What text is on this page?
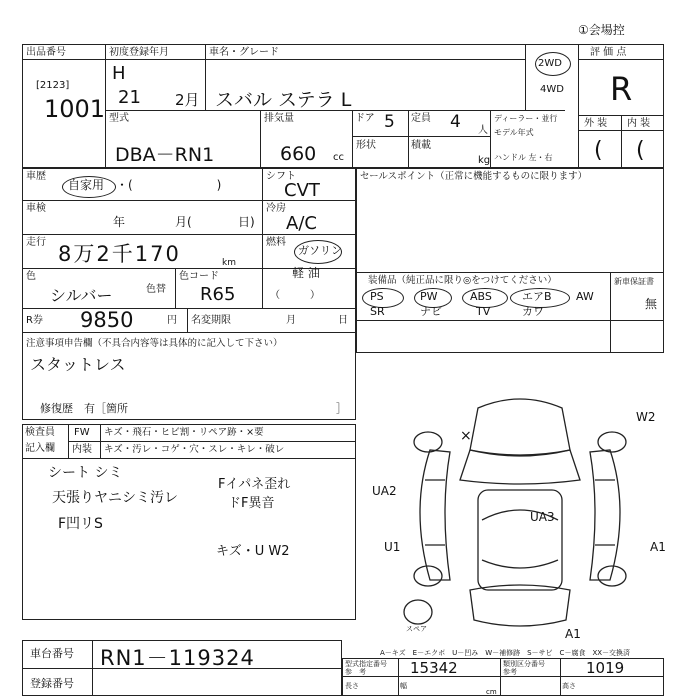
①会場控
出品番号
[2123]
1001
初度登録年月
H
21 2月
車名・グレード
スバル ステラ L
2WD
4WD
評 価 点
R
外 装 内 装
( (
型式
DBA－RN1
排気量
660 cc
ドア 5 定員 4 人
形状	積載
kg
ディーラー・並行
モデル年式
ハンドル 左・右
車歴
自家用 ・(　　　　　　　)
車検
年	月(	日)
走行 8万2千170	km
色
シルバー	色替
色コード
R65
R券 9850	円 名変期限	月	日
注意事項申告欄（不具合内容等は具体的に記入して下さい）
スタットレス
修復歴　有［箇所	］
シフト
CVT
冷房
A/C
燃料
ガソリン
軽 油
（　　　）
セールスポイント（正常に機能するものに限ります）
装備品（純正品に限り◎をつけてください）	新車保証書
無
PS	PW	ABS	エアB AW
SR	ナビ	TV	カワ
検査員
記入欄
FW
内装
キズ・飛石・ヒビ割・リペア跡・×要
キズ・汚レ・コゲ・穴・スレ・キレ・破レ
シート シミ
天張りヤニシミ汚レ
F凹リS
Fイパネ歪れ
ドF異音
キズ・U W2
W2
×
UA2
UA3
U1	A1
A1
スペア
A－キズ　E－エクボ　U－凹み　W－補修跡　S－サビ　C－腐食　XX－交換済
車台番号 RN1－119324
登録番号
型式指定番号 15342	類別区分番号	1019
参　考	参考
長さ	幅	高さ
cm
